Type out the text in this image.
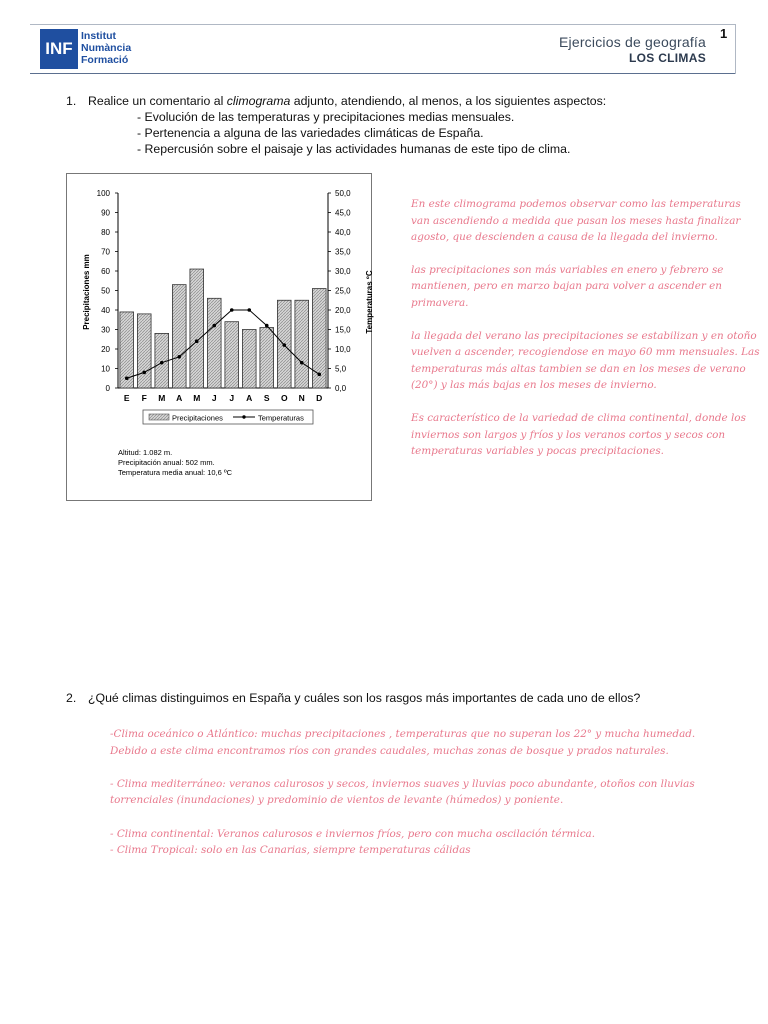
INF
Institut
Numància
Formació
1
Ejercicios de geografía
LOS CLIMAS
1. Realice un comentario al climograma adjunto, atendiendo, al menos, a los siguientes aspectos:
- Evolución de las temperaturas y precipitaciones medias mensuales.
- Pertenencia a alguna de las variedades climáticas de España.
- Repercusión sobre el paisaje y las actividades humanas de este tipo de clima.
0
10
20
30
40
50
60
70
80
90
100
0,0
5,0
10,0
15,0
20,0
25,0
30,0
35,0
40,0
45,0
50,0
E F M A M J J A S O N D
Precipitaciones mm	Temperaturas ºC
Precipitaciones	Temperaturas
Altitud: 1.082 m.
Precipitación anual: 502 mm.
Temperatura media anual: 10,6 ºC

En este climograma podemos observar como las temperaturas van ascendiendo a medida que pasan los meses hasta finalizar agosto, que descienden a causa de la llegada del invierno.

las precipitaciones son más variables en enero y febrero se mantienen, pero en marzo bajan para volver a ascender en primavera.

la llegada del verano las precipitaciones se estabilizan y en otoño vuelven a ascender, recogiendose en mayo 60 mm mensuales. Las temperaturas más altas tambien se dan en los meses de verano (20°) y las más bajas en los meses de invierno.

Es característico de la variedad de clima continental, donde los inviernos son largos y fríos y los veranos cortos y secos con temperaturas variables y pocas precipitaciones.

2. ¿Qué climas distinguimos en España y cuáles son los rasgos más importantes de cada uno de ellos?

-Clima oceánico o Atlántico: muchas precipitaciones , temperaturas que no superan los 22° y mucha humedad.

Debido a este clima encontramos ríos con grandes caudales, muchas zonas de bosque y prados naturales.

- Clima mediterráneo: veranos calurosos y secos, inviernos suaves y lluvias poco abundante, otoños con lluvias torrenciales (inundaciones) y predominio de vientos de levante (húmedos) y poniente.

- Clima continental: Veranos calurosos e inviernos fríos, pero con mucha oscilación térmica.

- Clima Tropical: solo en las Canarias, siempre temperaturas cálidas
